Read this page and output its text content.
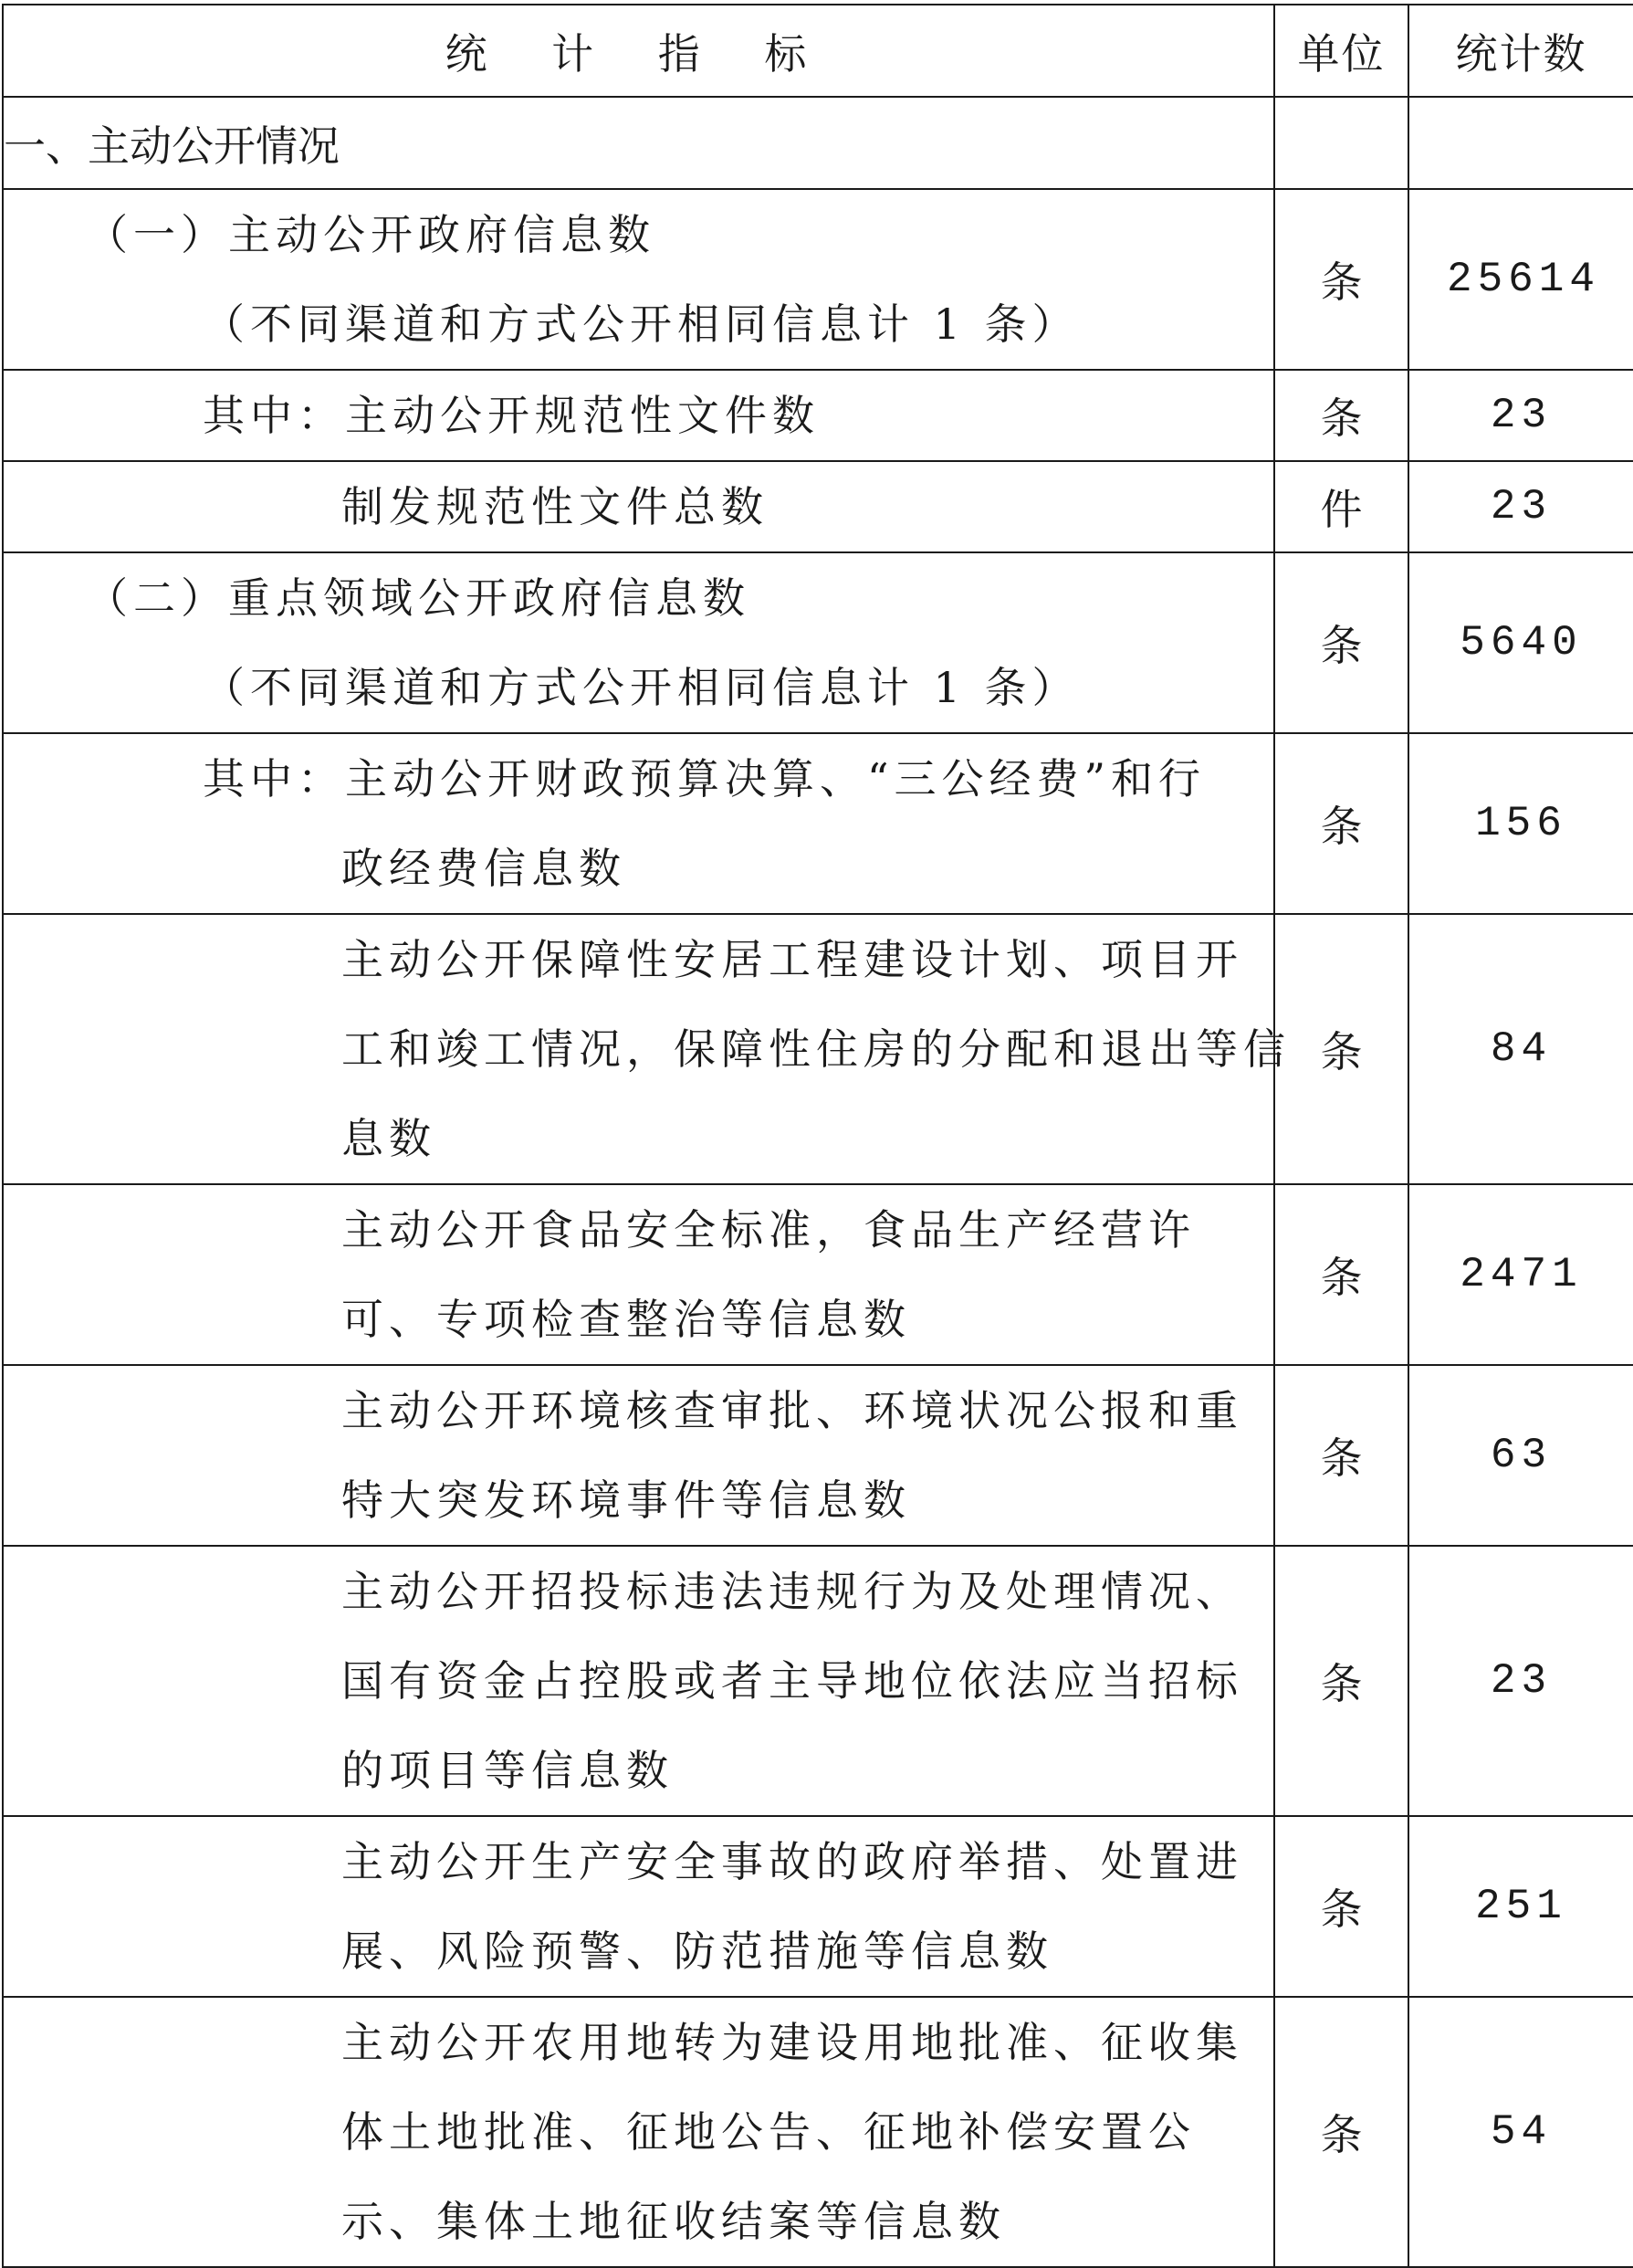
统 计 指 标	单位	统计数
一、主动公开情况		

（一）主动公开政府信息数
（不同渠道和方式公开相同信息计 1 条）	条	25614

其中：主动公开规范性文件数	条	23

制发规范性文件总数	件	23

（二）重点领域公开政府信息数
（不同渠道和方式公开相同信息计 1 条）	条	5640

其中：主动公开财政预算决算、“三公经费”和行
政经费信息数	条	156

主动公开保障性安居工程建设计划、项目开
工和竣工情况，保障性住房的分配和退出等信
息数	条	84

主动公开食品安全标准，食品生产经营许
可、专项检查整治等信息数	条	2471

主动公开环境核查审批、环境状况公报和重
特大突发环境事件等信息数	条	63

主动公开招投标违法违规行为及处理情况、
国有资金占控股或者主导地位依法应当招标
的项目等信息数	条	23

主动公开生产安全事故的政府举措、处置进
展、风险预警、防范措施等信息数	条	251

主动公开农用地转为建设用地批准、征收集
体土地批准、征地公告、征地补偿安置公
示、集体土地征收结案等信息数	条	54
